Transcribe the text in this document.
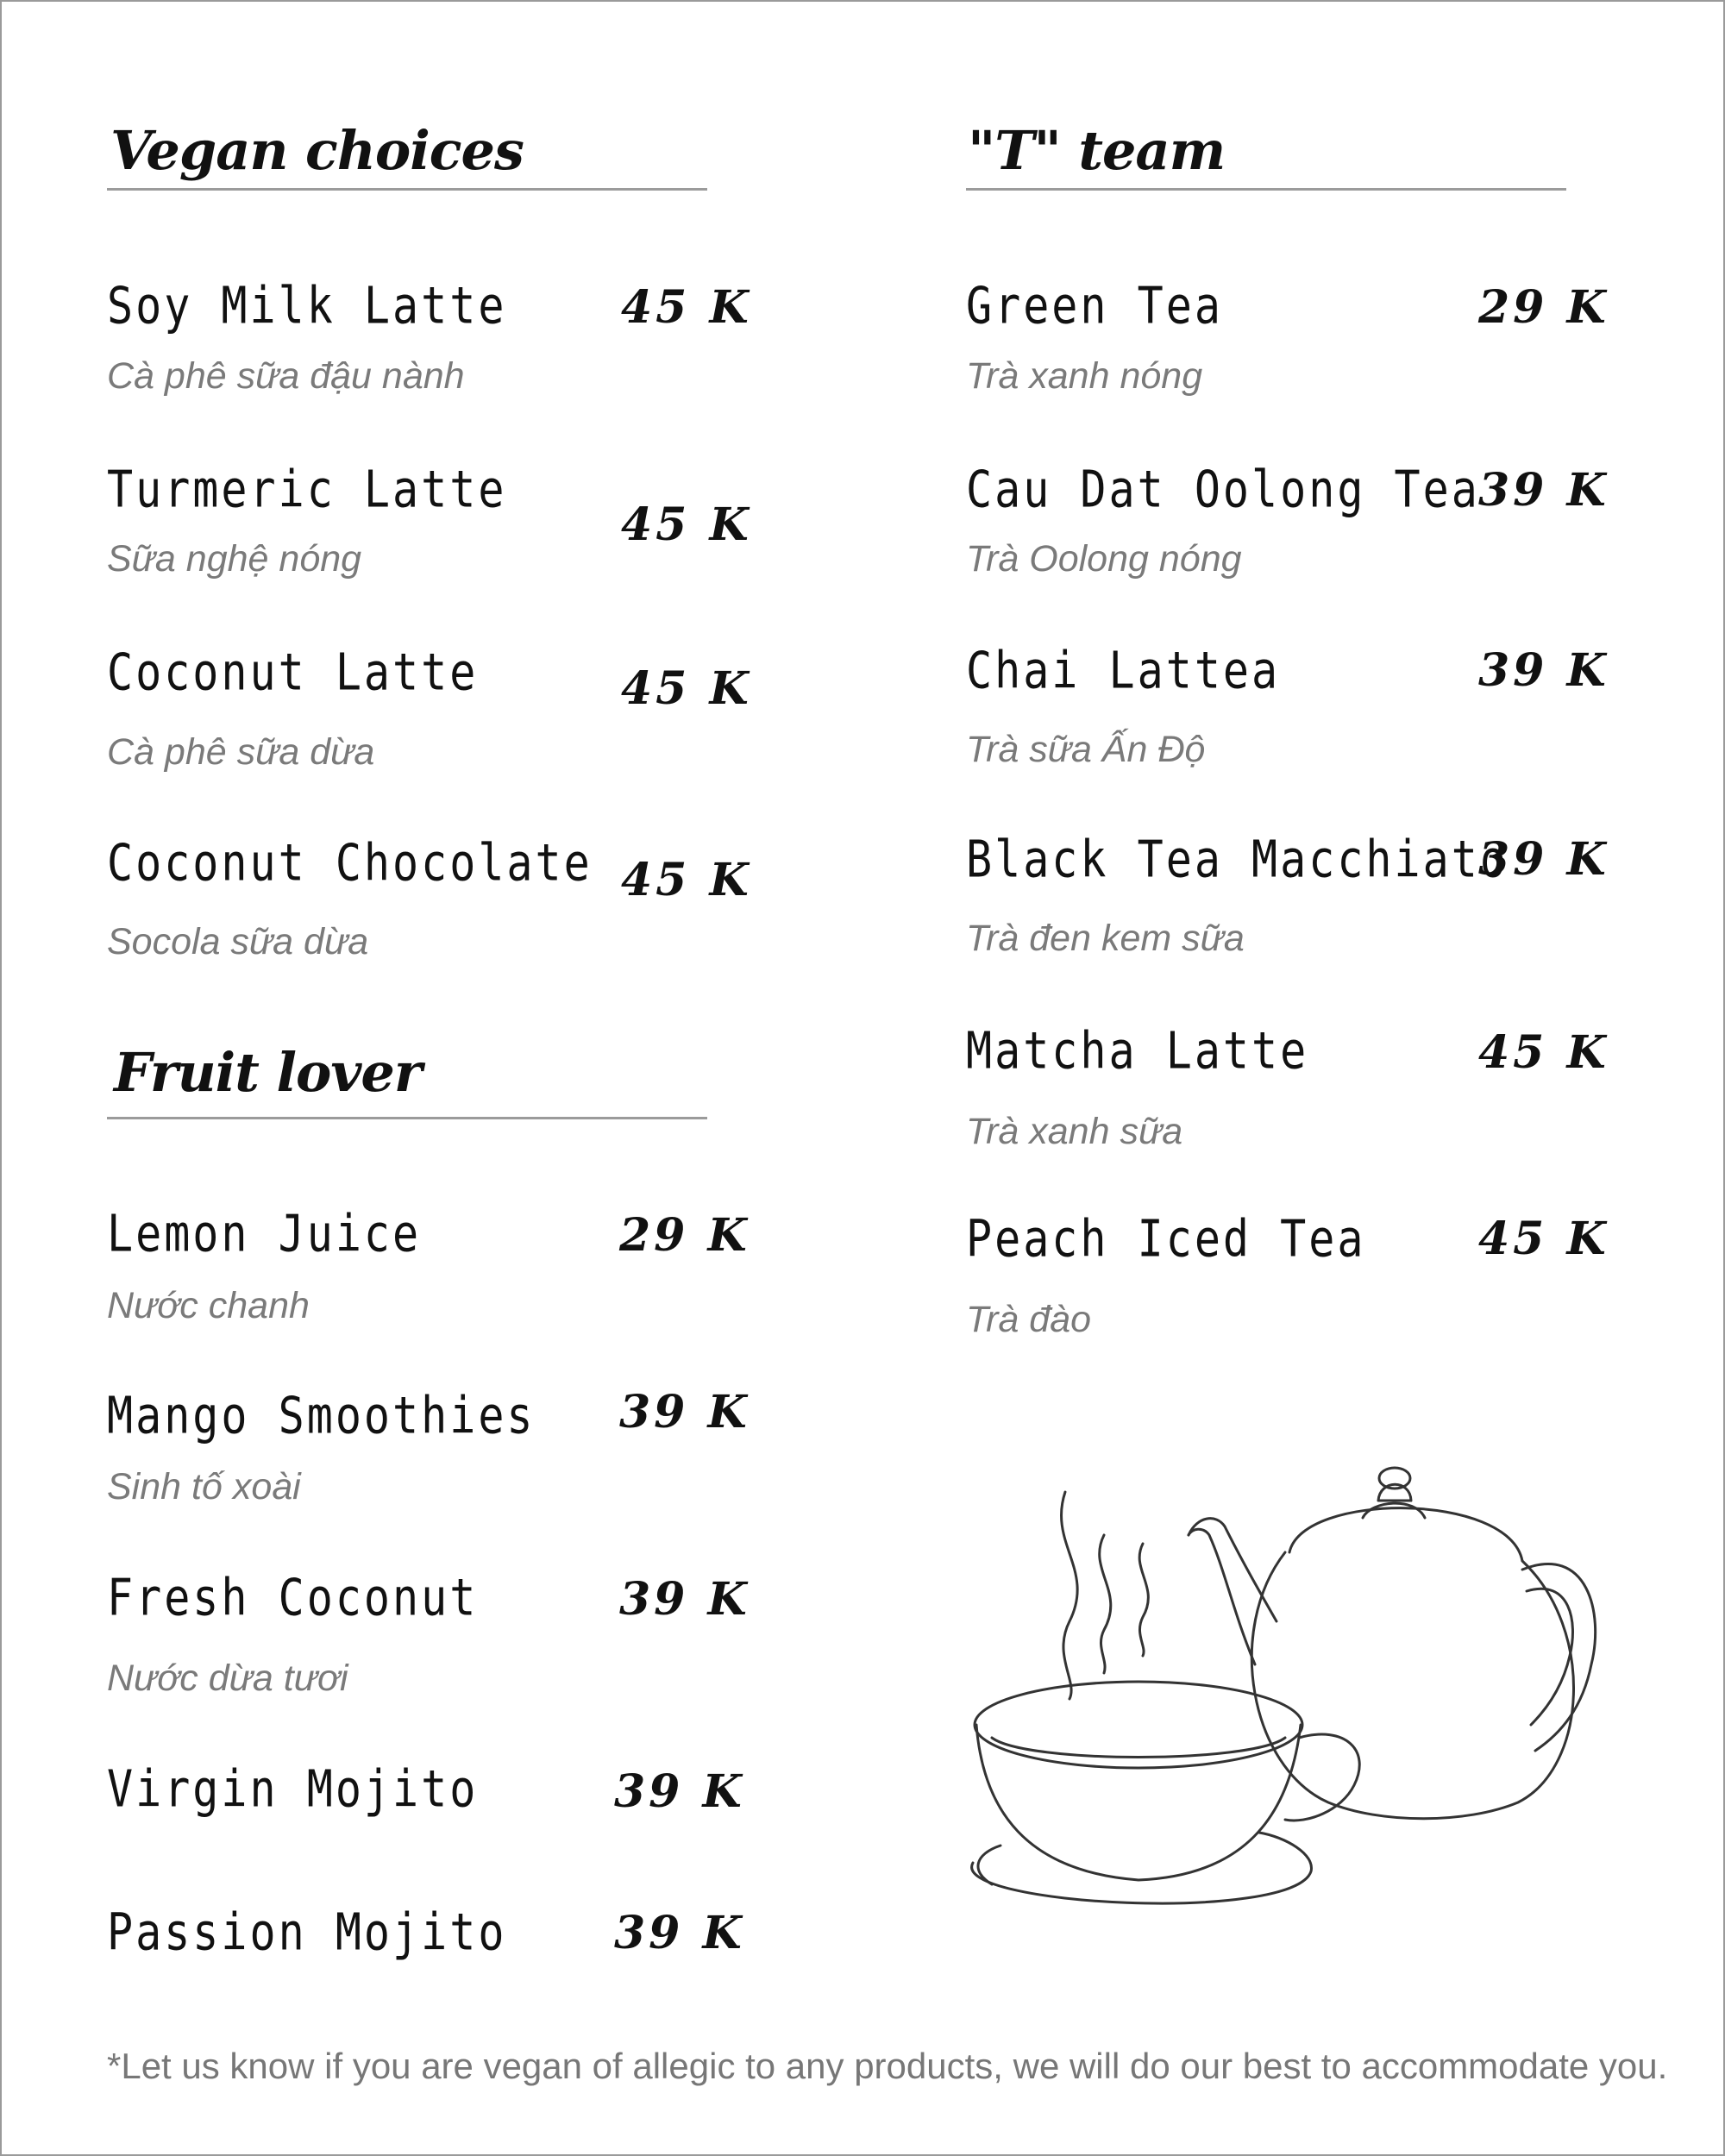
Vegan choices
Soy Milk Latte
Cà phê sữa đậu nành
45 K
Turmeric Latte
Sữa nghệ nóng
45 K
Coconut Latte
Cà phê sữa dừa
45 K
Coconut Chocolate
Socola sữa dừa
45 K
Fruit lover
Lemon Juice
Nước chanh
29 K
Mango Smoothies
Sinh tố xoài
39 K
Fresh Coconut
Nước dừa tươi
39 K
Virgin Mojito	39 K
Passion Mojito 39 K
"T" team
Green Tea
Trà xanh nóng
29 K
Cau Dat Oolong Tea
Trà Oolong nóng
39 K
Chai Lattea
Trà sữa Ấn Độ
39 K
Black Tea Macchiato
Trà đen kem sữa
39 K
Matcha Latte
Trà xanh sữa
45 K
Peach Iced Tea
Trà đào
45 K
*Let us know if you are vegan of allegic to any products, we will do our best to accommodate you.
